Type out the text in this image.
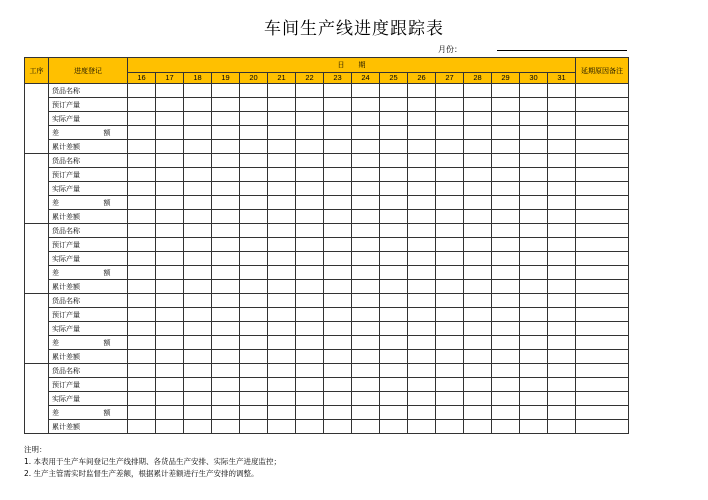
车间生产线进度跟踪表
月份：
工序	进度登记		日　　期																延期原因备注
			16	17	18	19	20	21	22	23	24	25	26	27	28	29	30	31	
	货品名称																		
	预订产量																		
	实际产量																		
	差	额																	
	累计差额																		
	货品名称																		
	预订产量																		
	实际产量																		
	差	额																	
	累计差额																		
	货品名称																		
	预订产量																		
	实际产量																		
	差	额																	
	累计差额																		
	货品名称																		
	预订产量																		
	实际产量																		
	差	额																	
	累计差额																		
	货品名称																		
	预订产量																		
	实际产量																		
	差	额																	
	累计差额																		
注明：
1. 本表用于生产车间登记生产线排期、各货品生产安排、实际生产进度监控；
2. 生产主管需实时监督生产差额，根据累计差额进行生产安排的调整。
